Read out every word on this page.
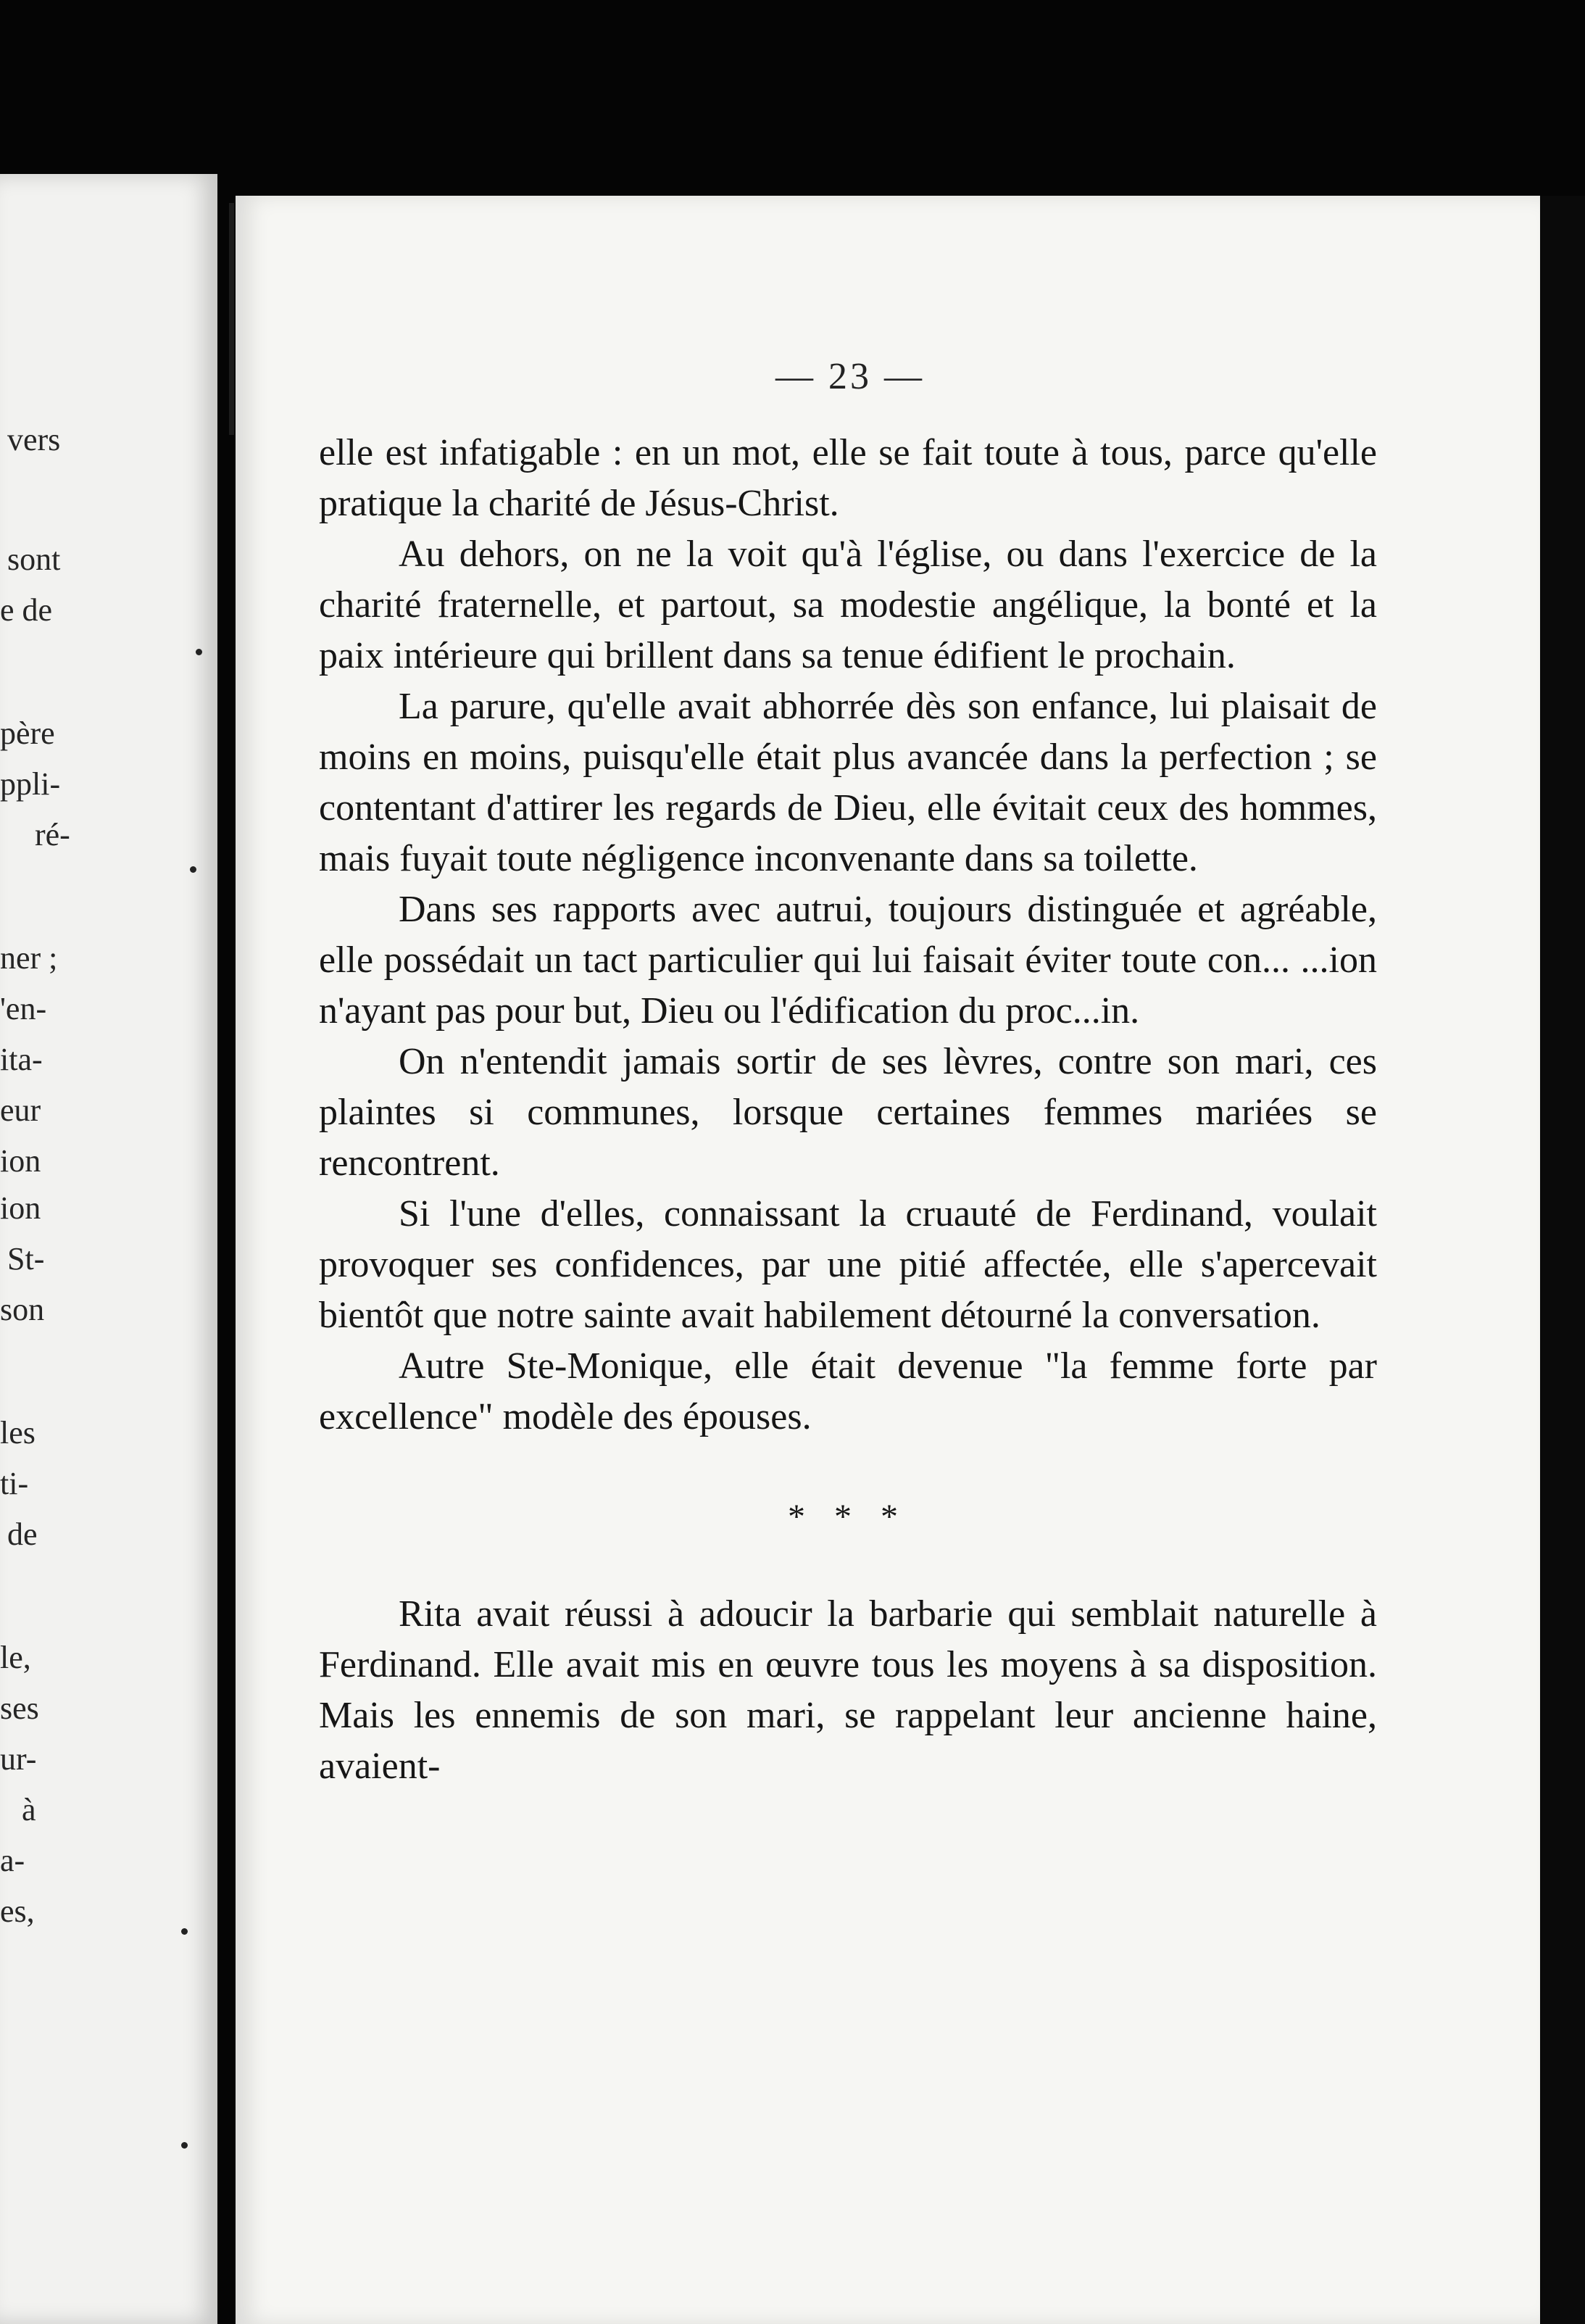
vers
sont
e de
père
ppli-
ré-
ner ;
'en-
ita-
eur
ion
ion
St-
son
les
ti-
de
le,
ses
ur-
à
a-
es,
— 23 —

elle est infatigable : en un mot, elle se fait toute à tous, parce qu'elle pratique la charité de Jésus-Christ.

Au dehors, on ne la voit qu'à l'église, ou dans l'exercice de la charité fraternelle, et partout, sa modestie angélique, la bonté et la paix intérieure qui brillent dans sa tenue édifient le prochain.

La parure, qu'elle avait abhorrée dès son enfance, lui plaisait de moins en moins, puisqu'elle était plus avancée dans la perfection ; se contentant d'attirer les regards de Dieu, elle évitait ceux des hommes, mais fuyait toute négligence inconvenante dans sa toilette.

Dans ses rapports avec autrui, toujours distinguée et agréable, elle possédait un tact particulier qui lui faisait éviter toute con... ...ion n'ayant pas pour but, Dieu ou l'édification du proc...in.

On n'entendit jamais sortir de ses lèvres, contre son mari, ces plaintes si communes, lorsque certaines femmes mariées se rencontrent.

Si l'une d'elles, connaissant la cruauté de Ferdinand, voulait provoquer ses confidences, par une pitié affectée, elle s'apercevait bientôt que notre sainte avait habilement détourné la conversation.

Autre Ste-Monique, elle était devenue "la femme forte par excellence" modèle des épouses.

* * *

Rita avait réussi à adoucir la barbarie qui semblait naturelle à Ferdinand. Elle avait mis en œuvre tous les moyens à sa disposition. Mais les ennemis de son mari, se rappelant leur ancienne haine, avaient-
